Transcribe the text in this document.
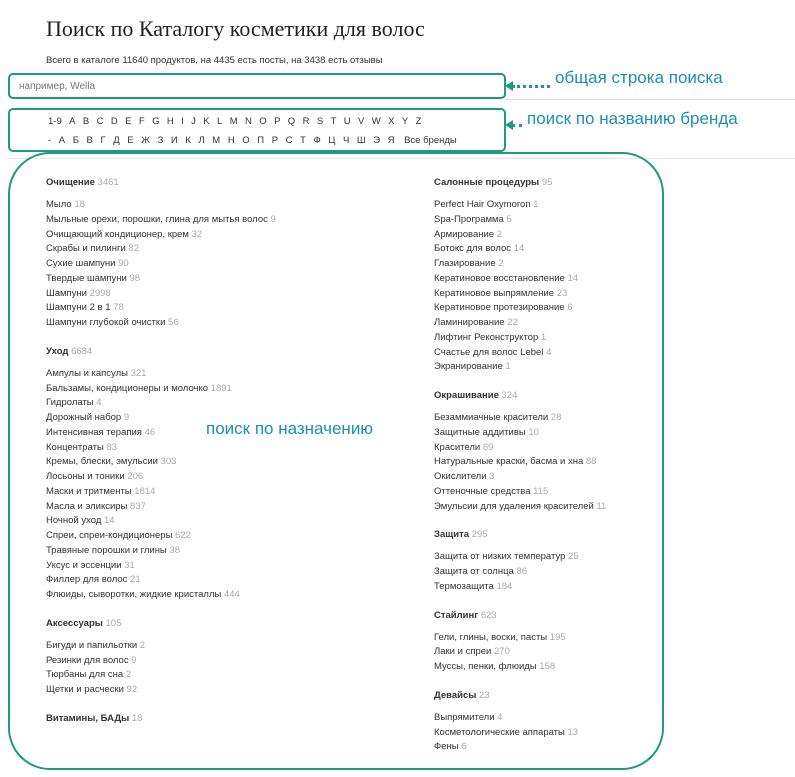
Поиск по Каталогу косметики для волос
Всего в каталоге 11640 продуктов, на 4435 есть посты, на 3438 есть отзывы
например, Wella
1-9 A B C D E F G H I J K L M N O P Q R S T U V W X Y Z
- А Б В Г Д Е Ж З И К Л М Н О П Р С Т Ф Ц Ч Ш Э Я Все бренды
Очищение 3461
Мыло 18
Мыльные орехи, порошки, глина для мытья волос 9
Очищающий кондиционер, крем 32
Скрабы и пилинги 82
Сухие шампуни 90
Твердые шампуни 98
Шампуни 2998
Шампуни 2 в 1 78
Шампуни глубокой очистки 56
Уход 6684
Ампулы и капсулы 321
Бальзамы, кондиционеры и молочко 1891
Гидролаты 4
Дорожный набор 9
Интенсивная терапия 46
Концентраты 83
Кремы, блески, эмульсии 303
Лосьоны и тоники 206
Маски и тритменты 1814
Масла и эликсиры 837
Ночной уход 14
Спреи, спреи-кондиционеры 622
Травяные порошки и глины 38
Уксус и эссенции 31
Филлер для волос 21
Флюиды, сыворотки, жидкие кристаллы 444
Аксессуары 105
Бигуди и папильотки 2
Резинки для волос 9
Тюрбаны для сна 2
Щетки и расчески 92
Витамины, БАДы 18
Салонные процедуры 95
Perfect Hair Oxymoron 1
Spa-Программа 5
Армирование 2
Ботокс для волос 14
Глазирование 2
Кератиновое восстановление 14
Кератиновое выпрямление 23
Кератиновое протезирование 6
Ламинирование 22
Лифтинг Реконструктор 1
Счастье для волос Lebel 4
Экранирование 1
Окрашивание 324
Безаммиачные красители 28
Защитные аддитивы 10
Красители 69
Натуральные краски, басма и хна 88
Окислители 3
Оттеночные средства 115
Эмульсии для удаления красителей 11
Защита 295
Защита от низких температур 25
Защита от солнца 86
Термозащита 184
Стайлинг 623
Гели, глины, воски, пасты 195
Лаки и спреи 270
Муссы, пенки, флюиды 158
Девайсы 23
Выпрямители 4
Косметологические аппараты 13
Фены 6
общая строка поиска
поиск по названию бренда
поиск по назначению
